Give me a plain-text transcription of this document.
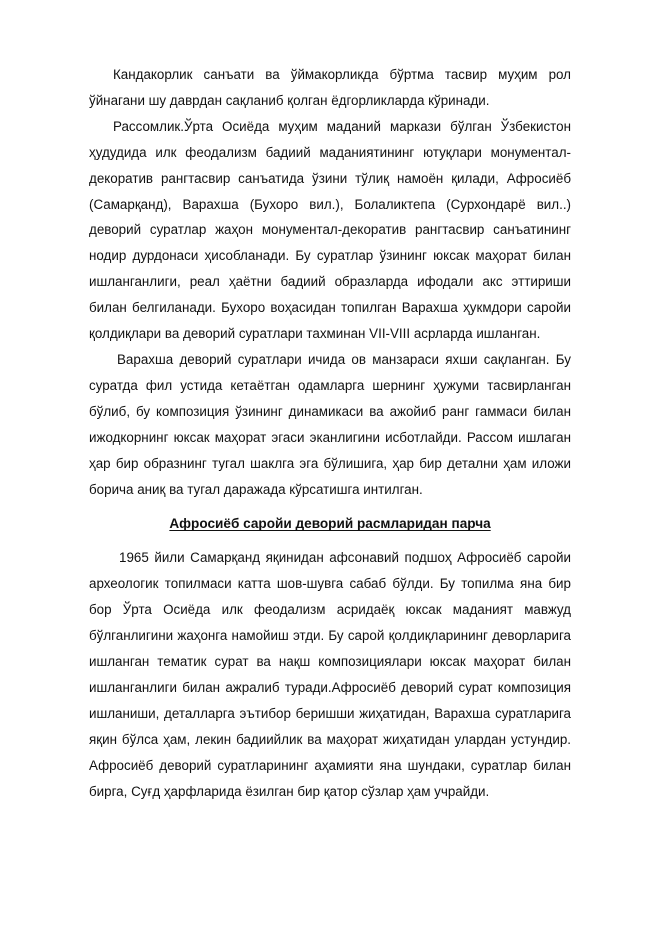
Кандакорлик санъати ва ўймакорликда бўртма тасвир муҳим рол ўйнагани шу даврдан сақланиб қолган ёдгорликларда кўринади.

Рассомлик.Ўрта Осиёда муҳим маданий маркази бўлган Ўзбекистон ҳудудида илк феодализм бадиий маданиятининг ютуқлари монументал-декоратив рангтасвир санъатида ўзини тўлиқ намоён қилади, Афросиёб (Самарқанд), Варахша (Бухоро вил.), Болаликтепа (Сурхондарё вил..) деворий суратлар жаҳон монументал-декоратив рангтасвир санъатининг нодир дурдонаси ҳисобланади. Бу суратлар ўзининг юксак маҳорат билан ишланганлиги, реал ҳаётни бадиий образларда ифодали акс эттириши билан белгиланади. Бухоро воҳасидан топилган Варахша ҳукмдори саройи қолдиқлари ва деворий суратлари тахминан VII-VIII асрларда ишланган.

Варахша деворий суратлари ичида ов манзараси яхши сақланган. Бу суратда фил устида кетаётган одамларга шернинг ҳужуми тасвирланган бўлиб, бу композиция ўзининг динамикаси ва ажойиб ранг гаммаси билан ижодкорнинг юксак маҳорат эгаси эканлигини исботлайди. Рассом ишлаган ҳар бир образнинг тугал шаклга эга бўлишига, ҳар бир детални ҳам иложи борича аниқ ва тугал даражада кўрсатишга интилган.

Афросиёб саройи деворий расмларидан парча

1965 йили Самарқанд яқинидан афсонавий подшоҳ Афросиёб саройи археологик топилмаси катта шов-шувга сабаб бўлди. Бу топилма яна бир бор Ўрта Осиёда илк феодализм асридаёқ юксак маданият мавжуд бўлганлигини жаҳонга намойиш этди. Бу сарой қолдиқларининг деворларига ишланган тематик сурат ва нақш композициялари юксак маҳорат билан ишланганлиги билан ажралиб туради.Афросиёб деворий сурат композиция ишланиши, деталларга эътибор беришши жиҳатидан, Варахша суратларига яқин бўлса ҳам, лекин бадиийлик ва маҳорат жиҳатидан улардан устундир. Афросиёб деворий суратларининг аҳамияти яна шундаки, суратлар билан бирга, Суғд ҳарфларида ёзилган бир қатор сўзлар ҳам учрайди.
